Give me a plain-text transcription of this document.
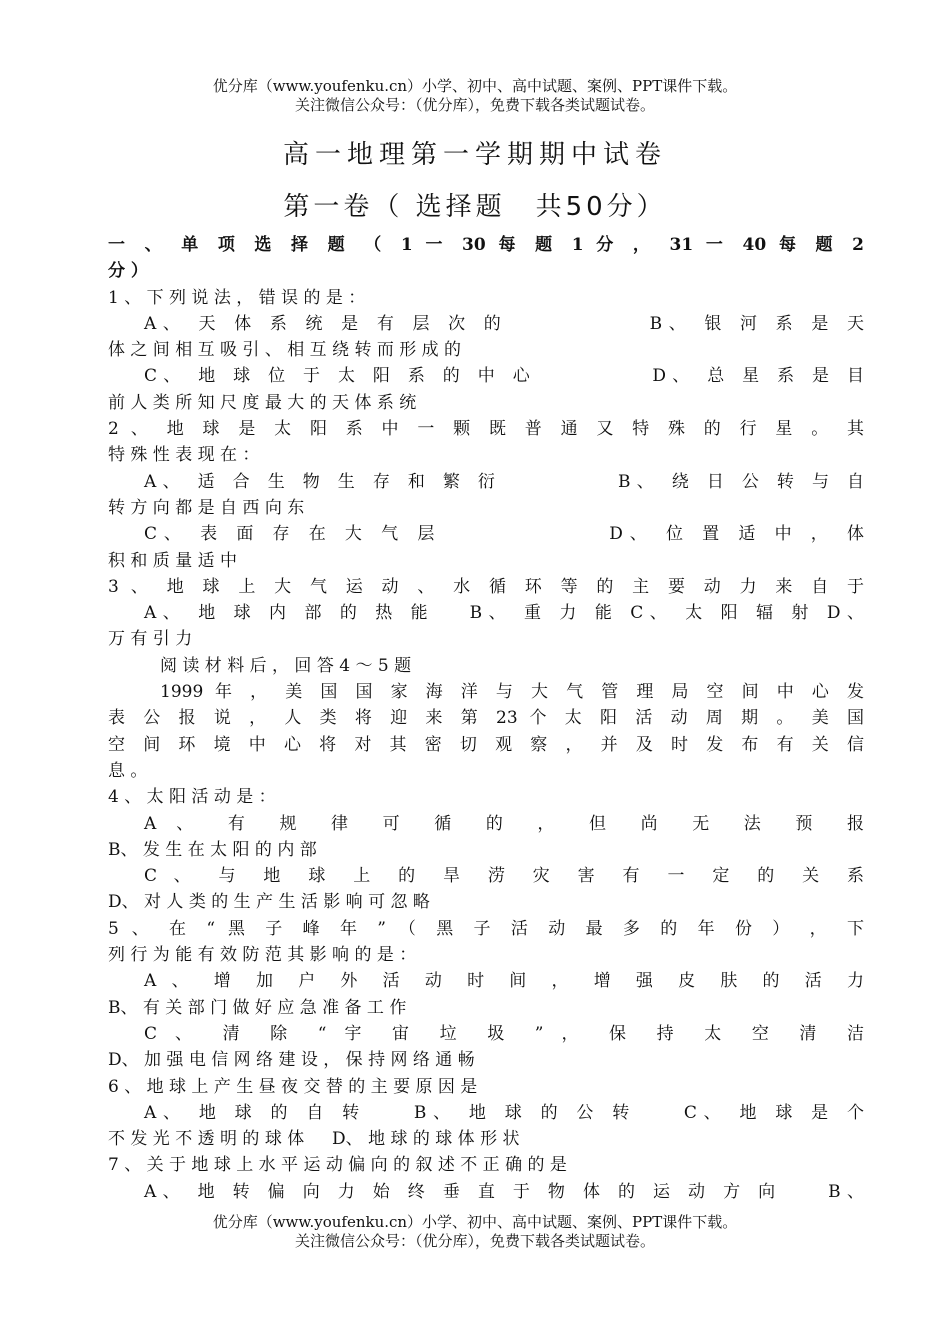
优分库（www.youfenku.cn）小学、初中、高中试题、案例、PPT课件下载。
关注微信公众号：（优分库），免费下载各类试题试卷。
高一地理第一学期期中试卷
第一卷（ 选择题　共50分）
一 、 单 项 选 择 题 （ 1 一 30 每 题 1 分 ， 31 一 40 每 题 2
分 ）
1 、 下 列 说 法 ， 错 误 的 是 ：
A、 天 体 系 统 是 有 层 次 的 　　　　　 B、 银 河 系 是 天
体 之 间 相 互 吸 引 、 相 互 绕 转 而 形 成 的
C、 地 球 位 于 太 阳 系 的 中 心 　　　　 D、 总 星 系 是 目
前 人 类 所 知 尺 度 最 大 的 天 体 系 统
2 、 地 球 是 太 阳 系 中 一 颗 既 普 通 又 特 殊 的 行 星 。 其
特 殊 性 表 现 在 ：
A、 适 合 生 物 生 存 和 繁 衍 　　　　 B、 绕 日 公 转 与 自
转 方 向 都 是 自 西 向 东
C、 表 面 存 在 大 气 层 　　　　　　 D、 位 置 适 中 ， 体
积 和 质 量 适 中
3 、 地 球 上 大 气 运 动 、 水 循 环 等 的 主 要 动 力 来 自 于
A、 地 球 内 部 的 热 能 　B、 重 力 能 C、 太 阳 辐 射 D、
万 有 引 力
阅 读 材 料 后 ， 回 答 4 ～ 5 题
1999 年 ， 美 国 国 家 海 洋 与 大 气 管 理 局 空 间 中 心 发
表 公 报 说 ， 人 类 将 迎 来 第 23 个 太 阳 活 动 周 期 。 美 国
空 间 环 境 中 心 将 对 其 密 切 观 察 ， 并 及 时 发 布 有 关 信
息 。
4 、 太 阳 活 动 是 ：
A 、 有 规 律 可 循 的 ， 但 尚 无 法 预 报
B、 发 生 在 太 阳 的 内 部
C 、 与 地 球 上 的 旱 涝 灾 害 有 一 定 的 关 系
D、 对 人 类 的 生 产 生 活 影 响 可 忽 略
5 、 在 “ 黑 子 峰 年 ” （ 黑 子 活 动 最 多 的 年 份 ） ， 下
列 行 为 能 有 效 防 范 其 影 响 的 是 ：
A 、 增 加 户 外 活 动 时 间 ， 增 强 皮 肤 的 活 力
B、 有 关 部 门 做 好 应 急 准 备 工 作
C 、 清 除 “ 宇 宙 垃 圾 ” ， 保 持 太 空 清 洁
D、 加 强 电 信 网 络 建 设 ， 保 持 网 络 通 畅
6 、 地 球 上 产 生 昼 夜 交 替 的 主 要 原 因 是
A、 地 球 的 自 转 　 B、 地 球 的 公 转 　 C、 地 球 是 个
不 发 光 不 透 明 的 球 体 　 D、 地 球 的 球 体 形 状
7 、 关 于 地 球 上 水 平 运 动 偏 向 的 叙 述 不 正 确 的 是
A、 地 转 偏 向 力 始 终 垂 直 于 物 体 的 运 动 方 向 　 B、
优分库（www.youfenku.cn）小学、初中、高中试题、案例、PPT课件下载。
关注微信公众号：（优分库），免费下载各类试题试卷。
